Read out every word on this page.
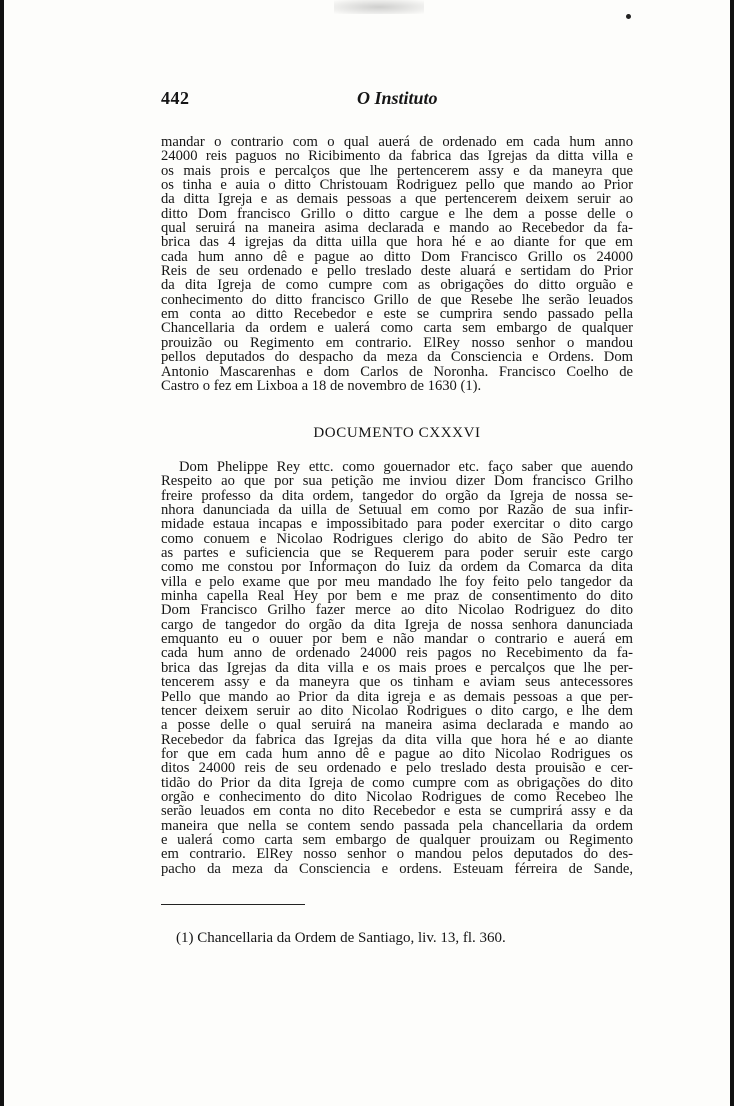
442	O Instituto
mandar o contrario com o qual auerá de ordenado em cada hum anno
24000 reis paguos no Ricibimento da fabrica das Igrejas da ditta villa e
os mais prois e percalços que lhe pertencerem assy e da maneyra que
os tinha e auia o ditto Christouam Rodriguez pello que mando ao Prior
da ditta Igreja e as demais pessoas a que pertencerem deixem seruir ao
ditto Dom francisco Grillo o ditto cargue e lhe dem a posse delle o
qual seruirá na maneira asima declarada e mando ao Recebedor da fa-
brica das 4 igrejas da ditta uilla que hora hé e ao diante for que em
cada hum anno dê e pague ao ditto Dom Francisco Grillo os 24000
Reis de seu ordenado e pello treslado deste aluará e sertidam do Prior
da dita Igreja de como cumpre com as obrigações do ditto orguão e
conhecimento do ditto francisco Grillo de que Resebe lhe serão leuados
em conta ao ditto Recebedor e este se cumprira sendo passado pella
Chancellaria da ordem e ualerá como carta sem embargo de qualquer
prouizão ou Regimento em contrario. ElRey nosso senhor o mandou
pellos deputados do despacho da meza da Consciencia e Ordens. Dom
Antonio Mascarenhas e dom Carlos de Noronha. Francisco Coelho de
Castro o fez em Lixboa a 18 de novembro de 1630 (1).
DOCUMENTO CXXXVI
Dom Phelippe Rey ettc. como gouernador etc. faço saber que auendo
Respeito ao que por sua petição me inviou dizer Dom francisco Grilho
freire professo da dita ordem, tangedor do orgão da Igreja de nossa se-
nhora danunciada da uilla de Setuual em como por Razão de sua infir-
midade estaua incapas e impossibitado para poder exercitar o dito cargo
como conuem e Nicolao Rodrigues clerigo do abito de São Pedro ter
as partes e suficiencia que se Requerem para poder seruir este cargo
como me constou por Informaçon do Iuiz da ordem da Comarca da dita
villa e pelo exame que por meu mandado lhe foy feito pelo tangedor da
minha capella Real Hey por bem e me praz de consentimento do dito
Dom Francisco Grilho fazer merce ao dito Nicolao Rodriguez do dito
cargo de tangedor do orgão da dita Igreja de nossa senhora danunciada
emquanto eu o ouuer por bem e não mandar o contrario e auerá em
cada hum anno de ordenado 24000 reis pagos no Recebimento da fa-
brica das Igrejas da dita villa e os mais proes e percalços que lhe per-
tencerem assy e da maneyra que os tinham e aviam seus antecessores
Pello que mando ao Prior da dita igreja e as demais pessoas a que per-
tencer deixem seruir ao dito Nicolao Rodrigues o dito cargo, e lhe dem
a posse delle o qual seruirá na maneira asima declarada e mando ao
Recebedor da fabrica das Igrejas da dita villa que hora hé e ao diante
for que em cada hum anno dê e pague ao dito Nicolao Rodrigues os
ditos 24000 reis de seu ordenado e pelo treslado desta prouisão e cer-
tidão do Prior da dita Igreja de como cumpre com as obrigações do dito
orgão e conhecimento do dito Nicolao Rodrigues de como Recebeo lhe
serão leuados em conta no dito Recebedor e esta se cumprirá assy e da
maneira que nella se contem sendo passada pela chancellaria da ordem
e ualerá como carta sem embargo de qualquer prouizam ou Regimento
em contrario. ElRey nosso senhor o mandou pelos deputados do des-
pacho da meza da Consciencia e ordens. Esteuam férreira de Sande,
(1) Chancellaria da Ordem de Santiago, liv. 13, fl. 360.
